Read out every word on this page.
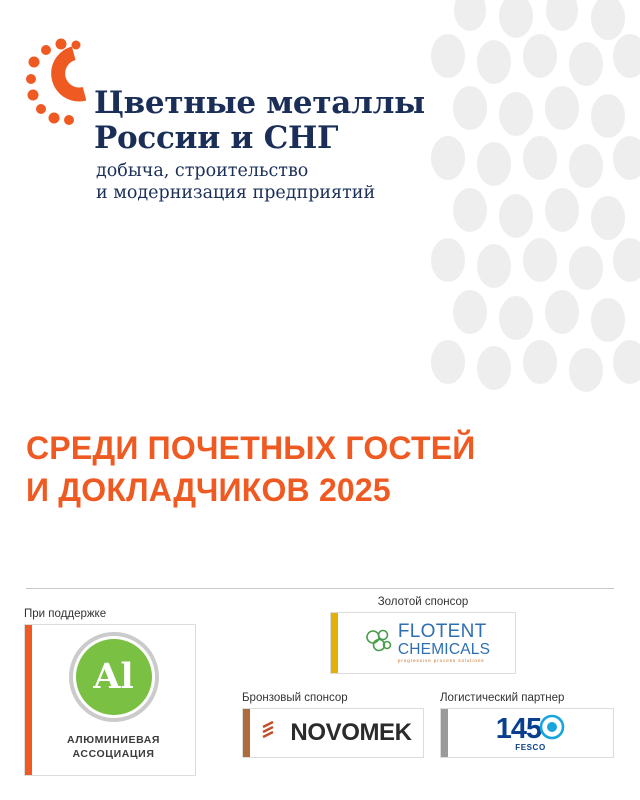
Цветные металлы
России и СНГ
добыча, строительство
и модернизация предприятий
СРЕДИ ПОЧЕТНЫХ ГОСТЕЙ
И ДОКЛАДЧИКОВ 2025
При поддержке
Al
АЛЮМИНИЕВАЯ
АССОЦИАЦИЯ
Золотой спонсор
FLOTENT
CHEMICALS
progressive process solutions
Бронзовый спонсор
NOVOMEK
Логистический партнер
145
FESCO
